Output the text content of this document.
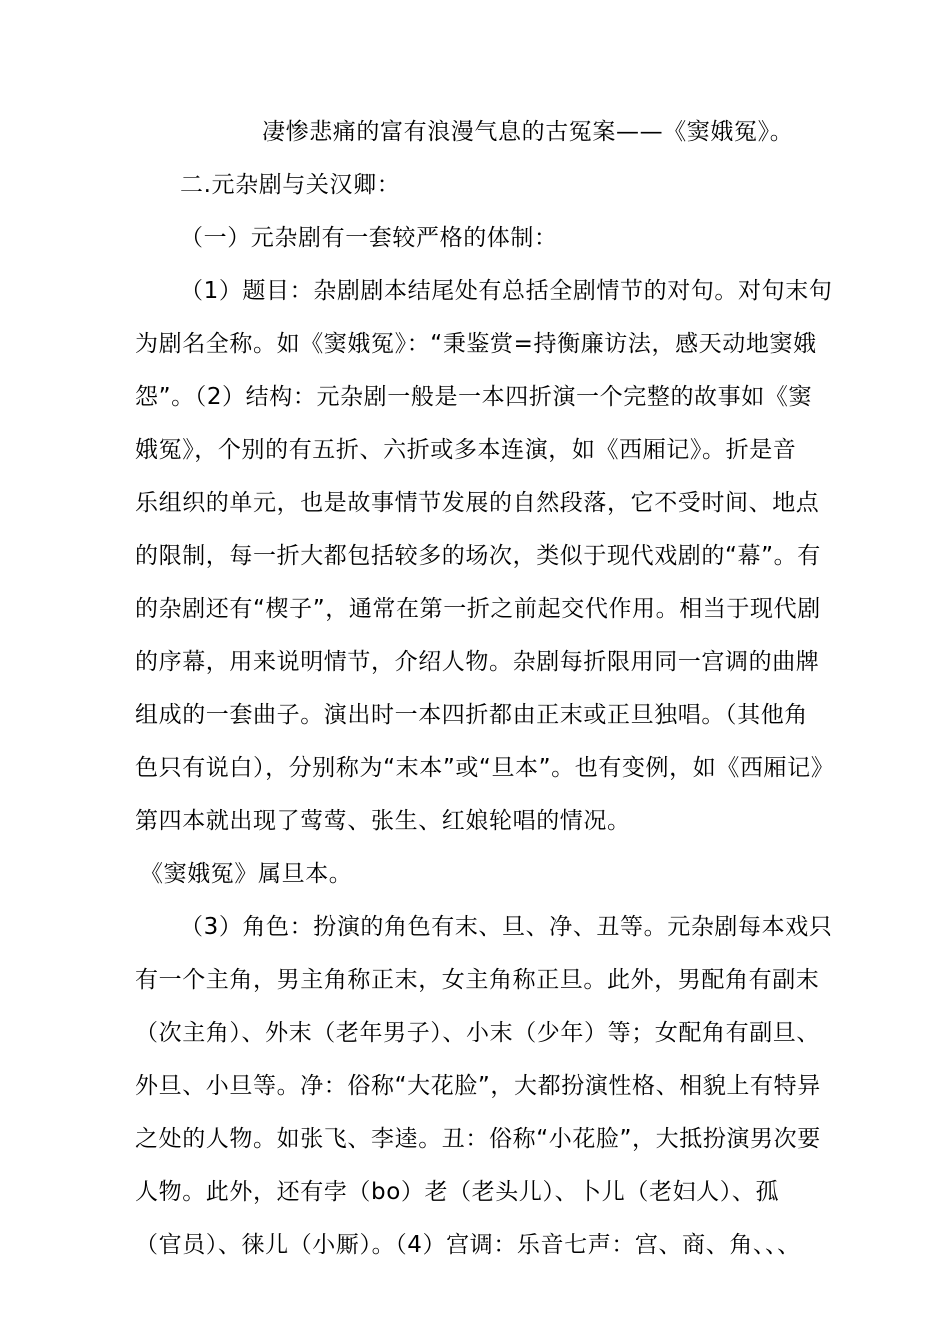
凄惨悲痛的富有浪漫气息的古冤案——《窦娥冤》。
二.元杂剧与关汉卿：
（一）元杂剧有一套较严格的体制：
（1）题目：杂剧剧本结尾处有总括全剧情节的对句。对句末句
为剧名全称。如《窦娥冤》：“秉鉴赏=持衡廉访法，感天动地窦娥
怨”。（2）结构：元杂剧一般是一本四折演一个完整的故事如《窦
娥冤》，个别的有五折、六折或多本连演，如《西厢记》。折是音
乐组织的单元，也是故事情节发展的自然段落，它不受时间、地点
的限制，每一折大都包括较多的场次，类似于现代戏剧的“幕”。有
的杂剧还有“楔子”，通常在第一折之前起交代作用。相当于现代剧
的序幕，用来说明情节，介绍人物。杂剧每折限用同一宫调的曲牌
组成的一套曲子。演出时一本四折都由正末或正旦独唱。（其他角
色只有说白），分别称为“末本”或“旦本”。也有变例，如《西厢记》
第四本就出现了莺莺、张生、红娘轮唱的情况。
《窦娥冤》属旦本。
（3）角色：扮演的角色有末、旦、净、丑等。元杂剧每本戏只
有一个主角，男主角称正末，女主角称正旦。此外，男配角有副末
（次主角）、外末（老年男子）、小末（少年）等；女配角有副旦、
外旦、小旦等。净：俗称“大花脸”，大都扮演性格、相貌上有特异
之处的人物。如张飞、李逵。丑：俗称“小花脸”，大抵扮演男次要
人物。此外，还有孛（bo）老（老头儿）、卜儿（老妇人）、孤
（官员）、徕儿（小厮）。（4）宫调：乐音七声：宫、商、角、、、
